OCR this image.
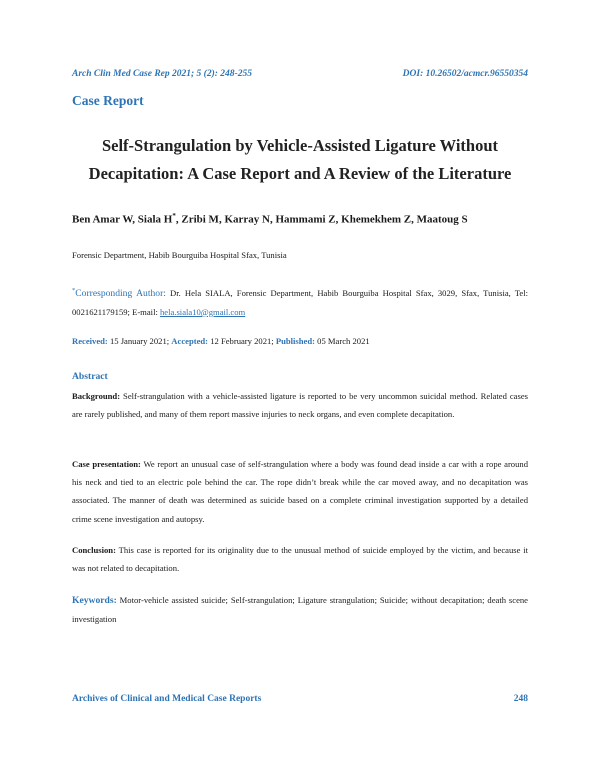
Arch Clin Med Case Rep 2021; 5 (2): 248-255	DOI: 10.26502/acmcr.96550354
Case Report
Self-Strangulation by Vehicle-Assisted Ligature Without Decapitation: A Case Report and A Review of the Literature
Ben Amar W, Siala H*, Zribi M, Karray N, Hammami Z, Khemekhem Z, Maatoug S
Forensic Department, Habib Bourguiba Hospital Sfax, Tunisia
*Corresponding Author: Dr. Hela SIALA, Forensic Department, Habib Bourguiba Hospital Sfax, 3029, Sfax, Tunisia, Tel: 0021621179159; E-mail: hela.siala10@gmail.com
Received: 15 January 2021; Accepted: 12 February 2021; Published: 05 March 2021
Abstract
Background: Self-strangulation with a vehicle-assisted ligature is reported to be very uncommon suicidal method. Related cases are rarely published, and many of them report massive injuries to neck organs, and even complete decapitation.
Case presentation: We report an unusual case of self-strangulation where a body was found dead inside a car with a rope around his neck and tied to an electric pole behind the car. The rope didn’t break while the car moved away, and no decapitation was associated. The manner of death was determined as suicide based on a complete criminal investigation supported by a detailed crime scene investigation and autopsy.
Conclusion: This case is reported for its originality due to the unusual method of suicide employed by the victim, and because it was not related to decapitation.
Keywords: Motor-vehicle assisted suicide; Self-strangulation; Ligature strangulation; Suicide; without decapitation; death scene investigation
Archives of Clinical and Medical Case Reports	248
